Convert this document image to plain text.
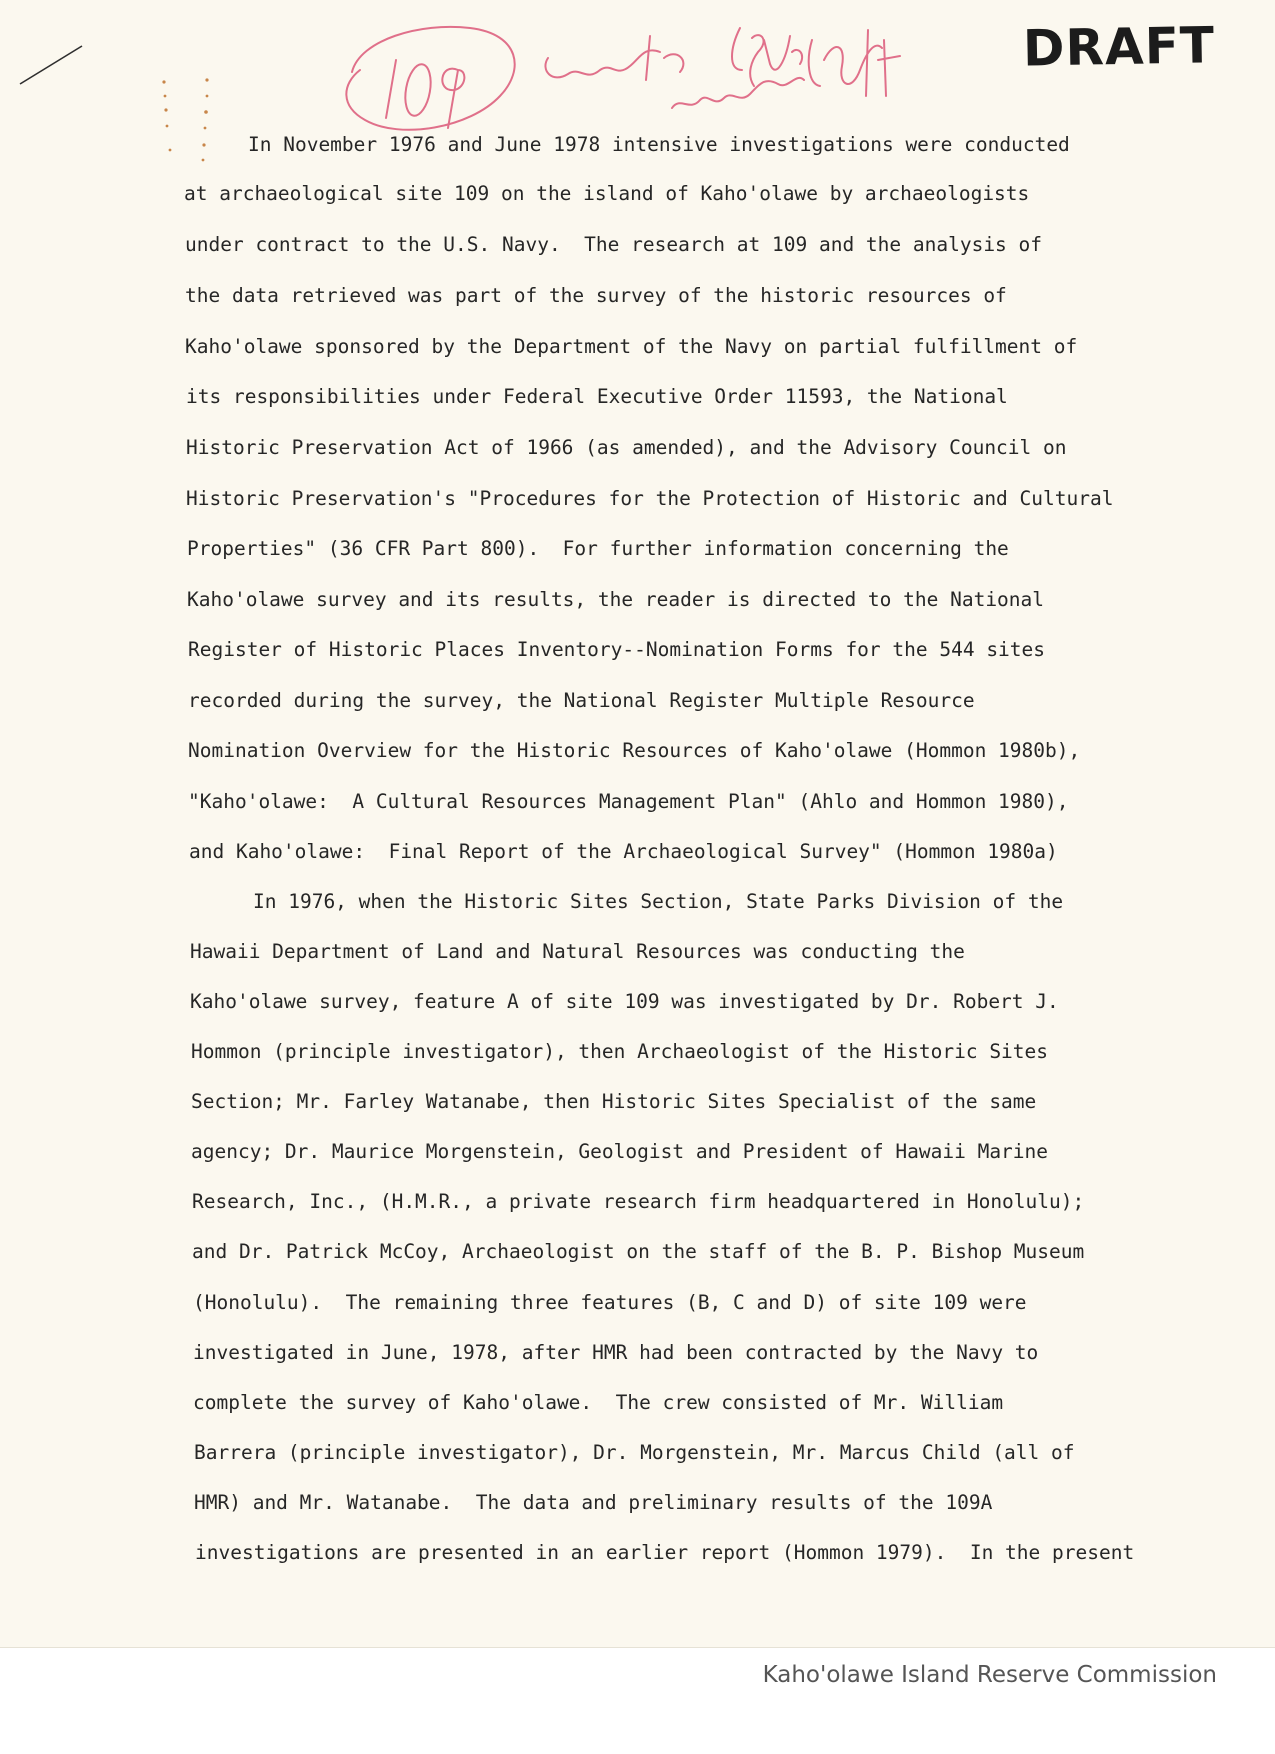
DRAFT

In November 1976 and June 1978 intensive investigations were conducted

at archaeological site 109 on the island of Kaho'olawe by archaeologists

under contract to the U.S. Navy.  The research at 109 and the analysis of

the data retrieved was part of the survey of the historic resources of

Kaho'olawe sponsored by the Department of the Navy on partial fulfillment of

its responsibilities under Federal Executive Order 11593, the National

Historic Preservation Act of 1966 (as amended), and the Advisory Council on

Historic Preservation's "Procedures for the Protection of Historic and Cultural

Properties" (36 CFR Part 800).  For further information concerning the

Kaho'olawe survey and its results, the reader is directed to the National

Register of Historic Places Inventory--Nomination Forms for the 544 sites

recorded during the survey, the National Register Multiple Resource

Nomination Overview for the Historic Resources of Kaho'olawe (Hommon 1980b),

"Kaho'olawe:  A Cultural Resources Management Plan" (Ahlo and Hommon 1980),

and Kaho'olawe:  Final Report of the Archaeological Survey" (Hommon 1980a)

In 1976, when the Historic Sites Section, State Parks Division of the

Hawaii Department of Land and Natural Resources was conducting the

Kaho'olawe survey, feature A of site 109 was investigated by Dr. Robert J.

Hommon (principle investigator), then Archaeologist of the Historic Sites

Section; Mr. Farley Watanabe, then Historic Sites Specialist of the same

agency; Dr. Maurice Morgenstein, Geologist and President of Hawaii Marine

Research, Inc., (H.M.R., a private research firm headquartered in Honolulu);

and Dr. Patrick McCoy, Archaeologist on the staff of the B. P. Bishop Museum

(Honolulu).  The remaining three features (B, C and D) of site 109 were

investigated in June, 1978, after HMR had been contracted by the Navy to

complete the survey of Kaho'olawe.  The crew consisted of Mr. William

Barrera (principle investigator), Dr. Morgenstein, Mr. Marcus Child (all of

HMR) and Mr. Watanabe.  The data and preliminary results of the 109A

investigations are presented in an earlier report (Hommon 1979).  In the present

Kaho'olawe Island Reserve Commission
